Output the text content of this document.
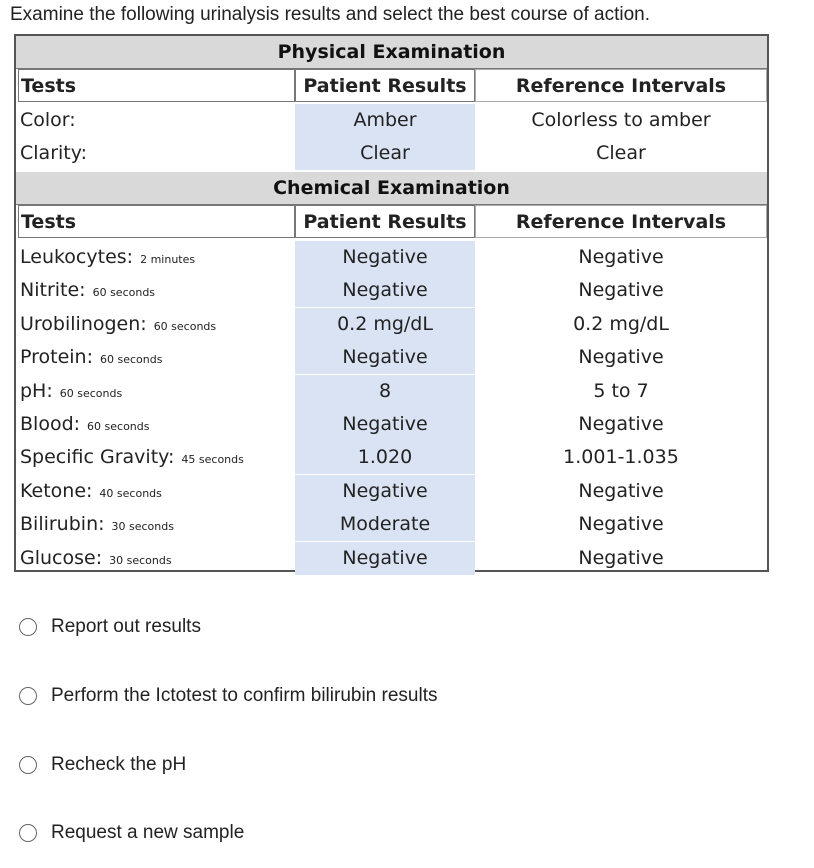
Examine the following urinalysis results and select the best course of action.
Physical Examination
Tests	Patient Results	Reference Intervals
Color:	Amber	Colorless to amber
Clarity:	Clear	Clear
Chemical Examination
Tests	Patient Results	Reference Intervals
Leukocytes: 2 minutes	Negative	Negative
Nitrite: 60 seconds	Negative	Negative
Urobilinogen: 60 seconds	0.2 mg/dL	0.2 mg/dL
Protein: 60 seconds	Negative	Negative
pH: 60 seconds	8	5 to 7
Blood: 60 seconds	Negative	Negative
Specific Gravity: 45 seconds	1.020	1.001-1.035
Ketone: 40 seconds	Negative	Negative
Bilirubin: 30 seconds	Moderate	Negative
Glucose: 30 seconds	Negative	Negative
Report out results
Perform the Ictotest to confirm bilirubin results
Recheck the pH
Request a new sample
